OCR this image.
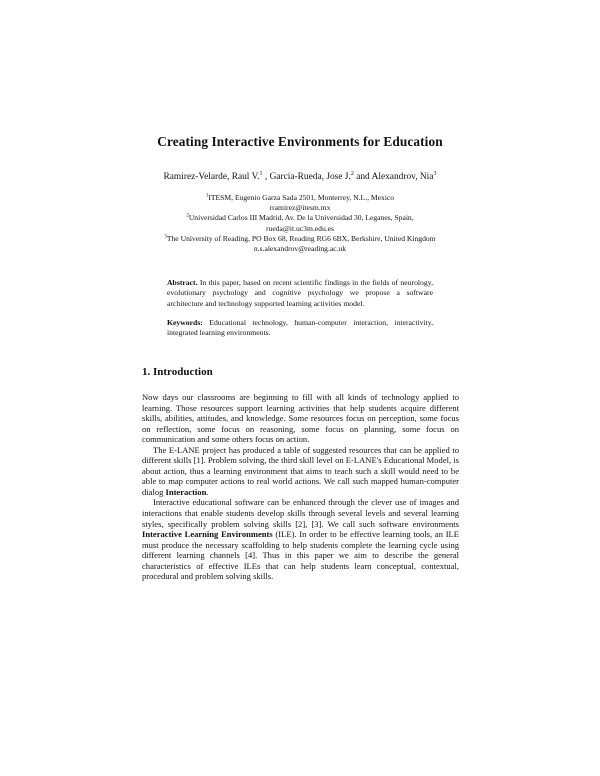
Creating Interactive Environments for Education
Ramirez-Velarde, Raul V.$^1$ , Garcia-Rueda, Jose J.$^2$ and Alexandrov, Nia$^3$
$^1$ITESM, Eugenio Garza Sada 2501, Monterrey, N.L., Mexico
rramirez@itesm.mx
$^2$Universidad Carlos III Madrid, Av. De la Universidad 30, Leganes, Spain,
rueda@it.uc3m.edu.es
$^3$The University of Reading, PO Box 68, Reading RG6 6BX, Berkshire, United Kingdom
n.s.alexandrov@reading.ac.uk
Abstract. In this paper, based on recent scientific findings in the fields of neurology, evolutionary psychology and cognitive psychology we propose a software architecture and technology supported learning activities model.
Keywords: Educational technology, human-computer interaction, interactivity, integrated learning environments.
1. Introduction

Now days our classrooms are beginning to fill with all kinds of technology applied to learning. Those resources support learning activities that help students acquire different skills, abilities, attitudes, and knowledge. Some resources focus on perception, some focus on reflection, some focus on reasoning, some focus on planning, some focus on communication and some others focus on action.

The E-LANE project has produced a table of suggested resources that can be applied to different skills [1]. Problem solving, the third skill level on E-LANE's Educational Model, is about action, thus a learning environment that aims to teach such a skill would need to be able to map computer actions to real world actions. We call such mapped human-computer dialog Interaction.

Interactive educational software can be enhanced through the clever use of images and interactions that enable students develop skills through several levels and several learning styles, specifically problem solving skills [2], [3]. We call such software environments Interactive Learning Environments (ILE). In order to be effective learning tools, an ILE must produce the necessary scaffolding to help students complete the learning cycle using different learning channels [4]. Thus in this paper we aim to describe the general characteristics of effective ILEs that can help students learn conceptual, contextual, procedural and problem solving skills.
